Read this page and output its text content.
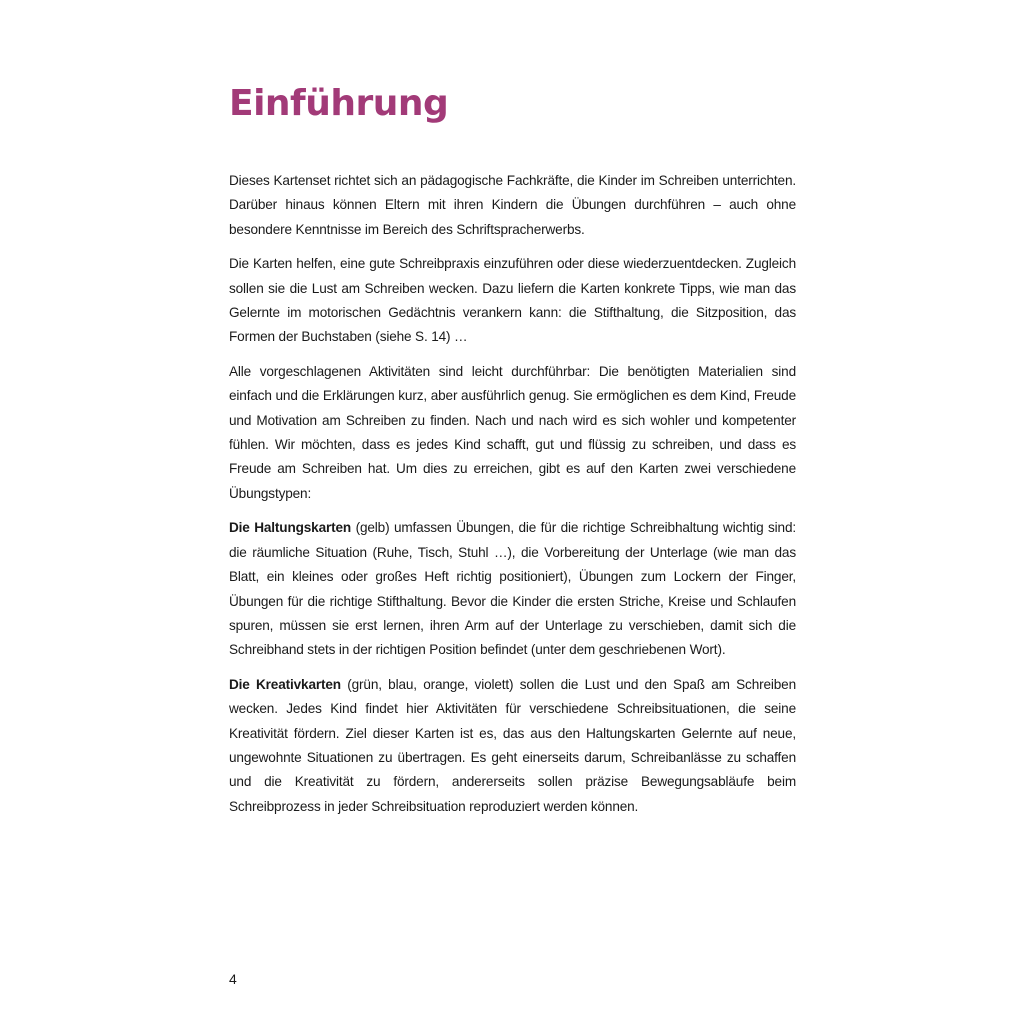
Einführung

Dieses Kartenset richtet sich an pädagogische Fachkräfte, die Kinder im Schreiben unterrichten. Darüber hinaus können Eltern mit ihren Kindern die Übungen durchführen – auch ohne besondere Kenntnisse im Bereich des Schriftspracherwerbs.

Die Karten helfen, eine gute Schreibpraxis einzuführen oder diese wiederzuentdecken. Zugleich sollen sie die Lust am Schreiben wecken. Dazu liefern die Karten konkrete Tipps, wie man das Gelernte im motorischen Gedächtnis verankern kann: die Stifthaltung, die Sitzposition, das Formen der Buchstaben (siehe S. 14) …

Alle vorgeschlagenen Aktivitäten sind leicht durchführbar: Die benötigten Materialien sind einfach und die Erklärungen kurz, aber ausführlich genug. Sie ermöglichen es dem Kind, Freude und Motivation am Schreiben zu finden. Nach und nach wird es sich wohler und kompetenter fühlen. Wir möchten, dass es jedes Kind schafft, gut und flüssig zu schreiben, und dass es Freude am Schreiben hat. Um dies zu erreichen, gibt es auf den Karten zwei verschiedene Übungstypen:

Die Haltungskarten (gelb) umfassen Übungen, die für die richtige Schreibhaltung wichtig sind: die räumliche Situation (Ruhe, Tisch, Stuhl …), die Vorbereitung der Unterlage (wie man das Blatt, ein kleines oder großes Heft richtig positioniert), Übungen zum Lockern der Finger, Übungen für die richtige Stifthaltung. Bevor die Kinder die ersten Striche, Kreise und Schlaufen spuren, müssen sie erst lernen, ihren Arm auf der Unterlage zu verschieben, damit sich die Schreibhand stets in der richtigen Position befindet (unter dem geschriebenen Wort).

Die Kreativkarten (grün, blau, orange, violett) sollen die Lust und den Spaß am Schreiben wecken. Jedes Kind findet hier Aktivitäten für verschiedene Schreibsituationen, die seine Kreativität fördern. Ziel dieser Karten ist es, das aus den Haltungskarten Gelernte auf neue, ungewohnte Situationen zu übertragen. Es geht einerseits darum, Schreibanlässe zu schaffen und die Kreativität zu fördern, andererseits sollen präzise Bewegungsabläufe beim Schreibprozess in jeder Schreibsituation reproduziert werden können.

4
